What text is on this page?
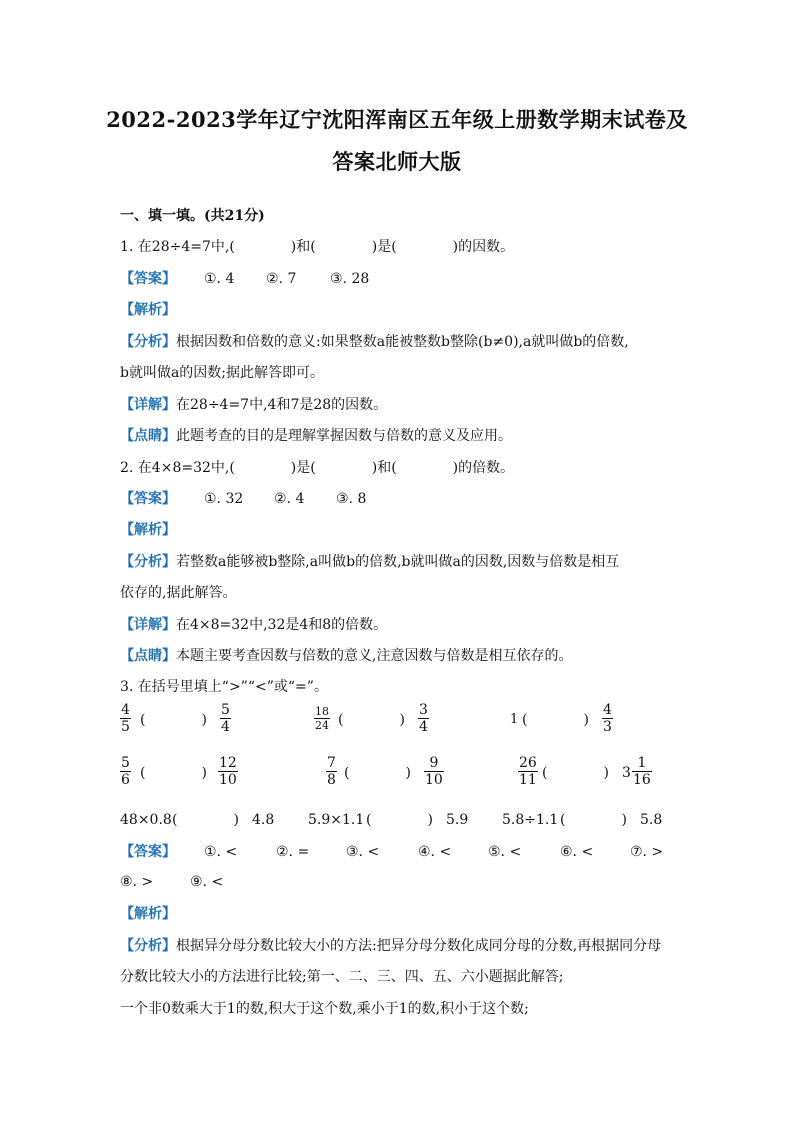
2022-2023学年辽宁沈阳浑南区五年级上册数学期末试卷及
答案北师大版
一、填一填。(共21分)
1. 在28÷4=7中,(　　　　)和(　　　　)是(　　　　)的因数。
【答案】 ①. 4 ②. 7 ③. 28
【解析】
【分析】根据因数和倍数的意义:如果整数a能被整数b整除(b≠0),a就叫做b的倍数,
b就叫做a的因数;据此解答即可。
【详解】在28÷4=7中,4和7是28的因数。
【点睛】此题考查的目的是理解掌握因数与倍数的意义及应用。
2. 在4×8=32中,(　　　　)是(　　　　)和(　　　　)的倍数。
【答案】 ①. 32 ②. 4 ③. 8
【解析】
【分析】若整数a能够被b整除,a叫做b的倍数,b就叫做a的因数,因数与倍数是相互
依存的,据此解答。
【详解】在4×8=32中,32是4和8的倍数。
【点睛】本题主要考查因数与倍数的意义,注意因数与倍数是相互依存的。
3. 在括号里填上“>”“<”或“=”。
$\frac{4}{5}$ (　　　　) $\frac{5}{4}$	$\frac{18}{24}$ (　　　　) $\frac{3}{4}$	1 (　　　　) $\frac{4}{3}$
$\frac{5}{6}$ (　　　　) $\frac{12}{10}$	$\frac{7}{8}$ (　　　　) $\frac{9}{10}$	$\frac{26}{11}$ (　　　　) $3 \frac{1}{16}$
48×0.8 (　　　　) 4.8 5.9×1.1 (　　　　) 5.9 5.8÷1.1 (　　　　) 5.8
【答案】 ①. <	②. =	③. <	④. <	⑤. <	⑥. <	⑦. >
⑧. >	⑨. <
【解析】
【分析】根据异分母分数比较大小的方法:把异分母分数化成同分母的分数,再根据同分母
分数比较大小的方法进行比较;第一、二、三、四、五、六小题据此解答;
一个非0数乘大于1的数,积大于这个数,乘小于1的数,积小于这个数;
